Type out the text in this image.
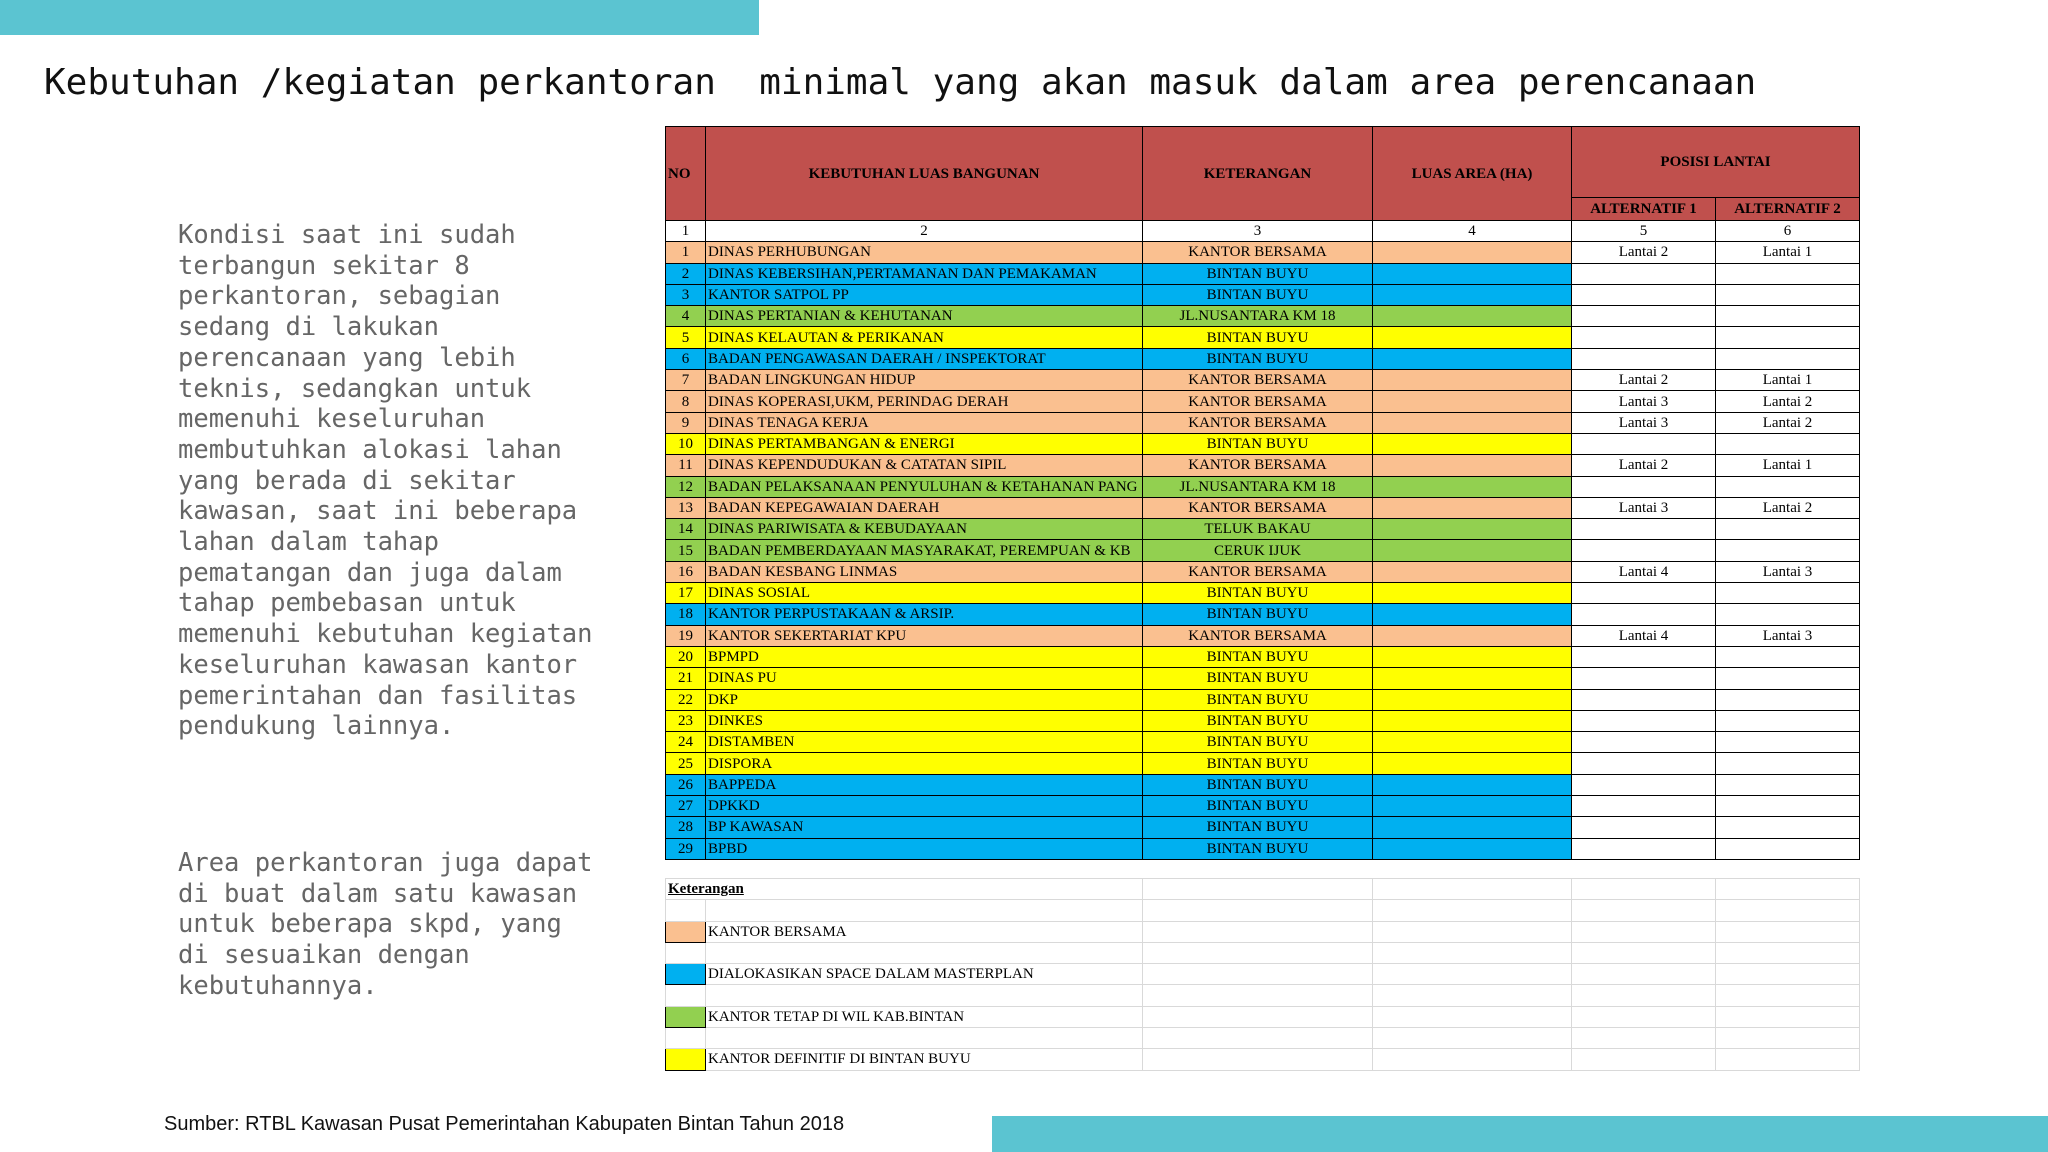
Kebutuhan /kegiatan perkantoran  minimal yang akan masuk dalam area perencanaan
Kondisi saat ini sudah terbangun sekitar 8 perkantoran, sebagian sedang di lakukan perencanaan yang lebih teknis, sedangkan untuk memenuhi keseluruhan membutuhkan alokasi lahan yang berada di sekitar kawasan, saat ini beberapa lahan dalam tahap pematangan dan juga dalam tahap pembebasan untuk memenuhi kebutuhan kegiatan keseluruhan kawasan kantor pemerintahan dan fasilitas pendukung lainnya.
Area perkantoran juga dapat di buat dalam satu kawasan untuk beberapa skpd, yang di sesuaikan dengan kebutuhannya.
NO	KEBUTUHAN LUAS BANGUNAN	KETERANGAN	LUAS AREA (HA)	POSISI LANTAI	
				ALTERNATIF 1	ALTERNATIF 2
1	2	3	4	5	6
1	DINAS PERHUBUNGAN	KANTOR BERSAMA		Lantai 2	Lantai 1
2	DINAS KEBERSIHAN,PERTAMANAN DAN PEMAKAMAN	BINTAN BUYU			
3	KANTOR SATPOL PP	BINTAN BUYU			
4	DINAS PERTANIAN & KEHUTANAN	JL.NUSANTARA KM 18			
5	DINAS KELAUTAN & PERIKANAN	BINTAN BUYU			
6	BADAN PENGAWASAN DAERAH / INSPEKTORAT	BINTAN BUYU			
7	BADAN LINGKUNGAN HIDUP	KANTOR BERSAMA		Lantai 2	Lantai 1
8	DINAS KOPERASI,UKM, PERINDAG DERAH	KANTOR BERSAMA		Lantai 3	Lantai 2
9	DINAS TENAGA KERJA	KANTOR BERSAMA		Lantai 3	Lantai 2
10	DINAS PERTAMBANGAN & ENERGI	BINTAN BUYU			
11	DINAS KEPENDUDUKAN & CATATAN SIPIL	KANTOR BERSAMA		Lantai 2	Lantai 1
12	BADAN PELAKSANAAN PENYULUHAN & KETAHANAN PANG	JL.NUSANTARA KM 18			
13	BADAN KEPEGAWAIAN DAERAH	KANTOR BERSAMA		Lantai 3	Lantai 2
14	DINAS PARIWISATA & KEBUDAYAAN	TELUK BAKAU			
15	BADAN PEMBERDAYAAN MASYARAKAT, PEREMPUAN & KB	CERUK IJUK			
16	BADAN KESBANG LINMAS	KANTOR BERSAMA		Lantai 4	Lantai 3
17	DINAS SOSIAL	BINTAN BUYU			
18	KANTOR PERPUSTAKAAN & ARSIP.	BINTAN BUYU			
19	KANTOR SEKERTARIAT KPU	KANTOR BERSAMA		Lantai 4	Lantai 3
20	BPMPD	BINTAN BUYU			
21	DINAS PU	BINTAN BUYU			
22	DKP	BINTAN BUYU			
23	DINKES	BINTAN BUYU			
24	DISTAMBEN	BINTAN BUYU			
25	DISPORA	BINTAN BUYU			
26	BAPPEDA	BINTAN BUYU			
27	DPKKD	BINTAN BUYU			
28	BP KAWASAN	BINTAN BUYU			
29	BPBD	BINTAN BUYU			

Keterangan					

	KANTOR BERSAMA				

	DIALOKASIKAN SPACE DALAM MASTERPLAN				

	KANTOR TETAP DI WIL KAB.BINTAN				

	KANTOR DEFINITIF DI BINTAN BUYU				
Sumber: RTBL Kawasan Pusat Pemerintahan Kabupaten Bintan Tahun 2018
